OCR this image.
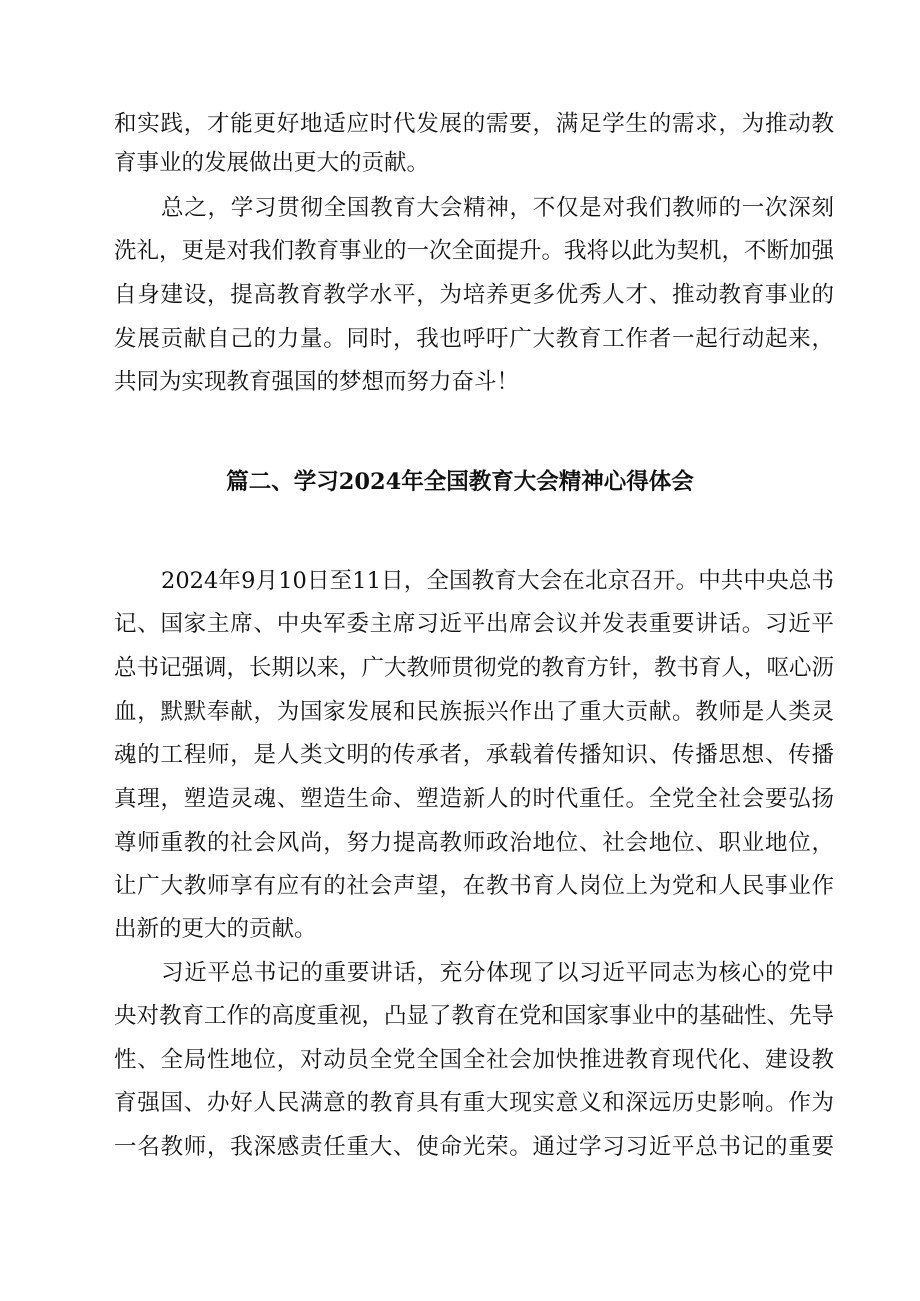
和实践，才能更好地适应时代发展的需要，满足学生的需求，为推动教
育事业的发展做出更大的贡献。
总之，学习贯彻全国教育大会精神，不仅是对我们教师的一次深刻
洗礼，更是对我们教育事业的一次全面提升。我将以此为契机，不断加强
自身建设，提高教育教学水平，为培养更多优秀人才、推动教育事业的
发展贡献自己的力量。同时，我也呼吁广大教育工作者一起行动起来，
共同为实现教育强国的梦想而努力奋斗！
篇二、学习2024年全国教育大会精神心得体会
2024年9月10日至11日，全国教育大会在北京召开。中共中央总书
记、国家主席、中央军委主席习近平出席会议并发表重要讲话。习近平
总书记强调，长期以来，广大教师贯彻党的教育方针，教书育人，呕心沥
血，默默奉献，为国家发展和民族振兴作出了重大贡献。教师是人类灵
魂的工程师，是人类文明的传承者，承载着传播知识、传播思想、传播
真理，塑造灵魂、塑造生命、塑造新人的时代重任。全党全社会要弘扬
尊师重教的社会风尚，努力提高教师政治地位、社会地位、职业地位，
让广大教师享有应有的社会声望，在教书育人岗位上为党和人民事业作
出新的更大的贡献。
习近平总书记的重要讲话，充分体现了以习近平同志为核心的党中
央对教育工作的高度重视，凸显了教育在党和国家事业中的基础性、先导
性、全局性地位，对动员全党全国全社会加快推进教育现代化、建设教
育强国、办好人民满意的教育具有重大现实意义和深远历史影响。作为
一名教师，我深感责任重大、使命光荣。通过学习习近平总书记的重要
